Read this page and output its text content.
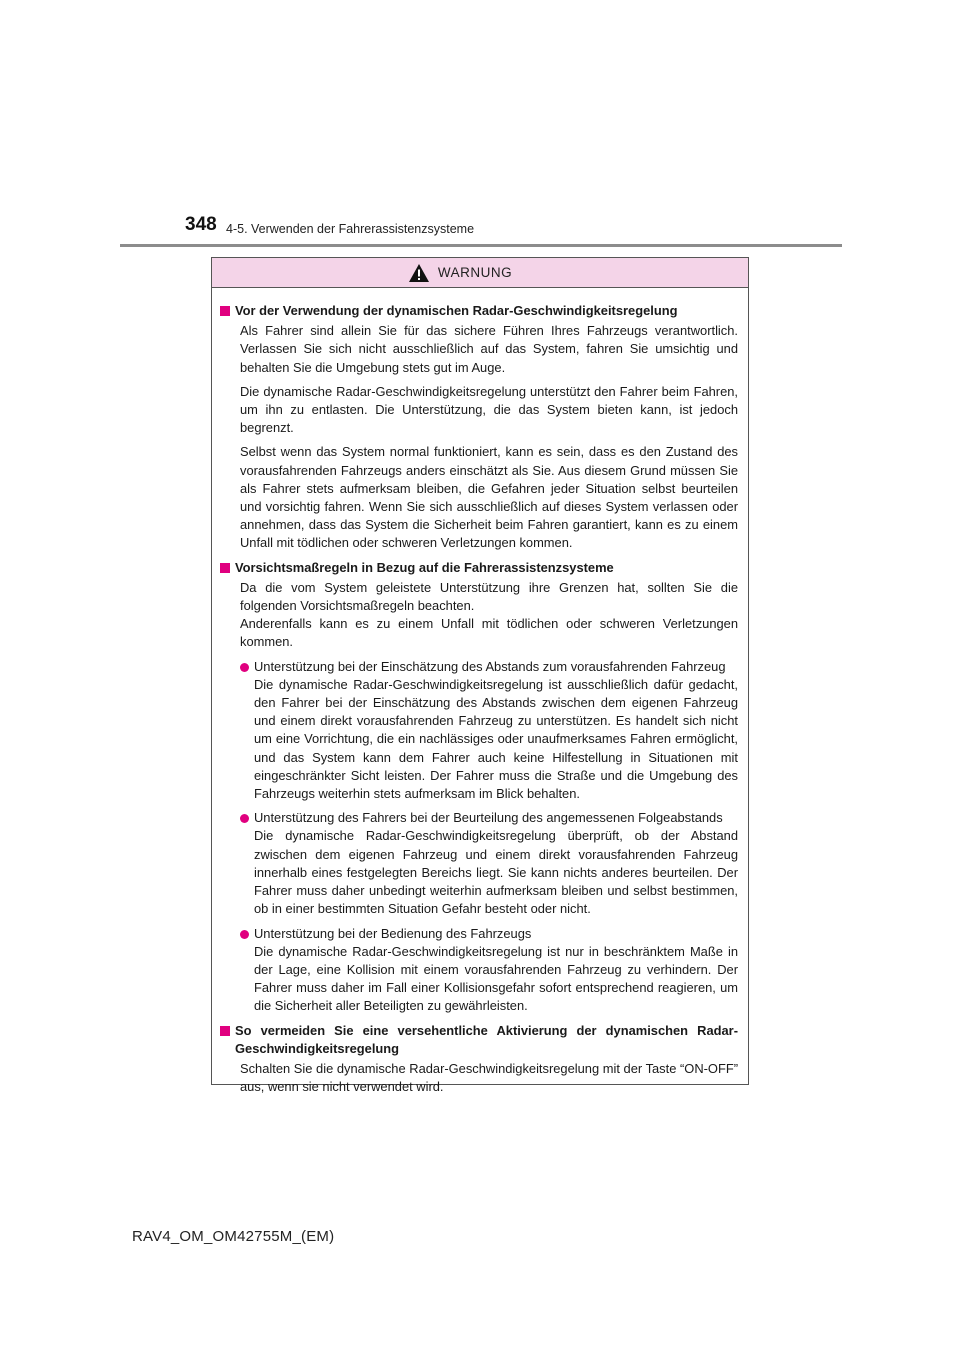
348 4-5. Verwenden der Fahrerassistenzsysteme
WARNUNG
Vor der Verwendung der dynamischen Radar-Geschwindigkeitsregelung

Als Fahrer sind allein Sie für das sichere Führen Ihres Fahrzeugs verantwortlich. Verlassen Sie sich nicht ausschließlich auf das System, fahren Sie umsichtig und behalten Sie die Umgebung stets gut im Auge.

Die dynamische Radar-Geschwindigkeitsregelung unterstützt den Fahrer beim Fahren, um ihn zu entlasten. Die Unterstützung, die das System bieten kann, ist jedoch begrenzt.

Selbst wenn das System normal funktioniert, kann es sein, dass es den Zustand des vorausfahrenden Fahrzeugs anders einschätzt als Sie. Aus diesem Grund müssen Sie als Fahrer stets aufmerksam bleiben, die Gefahren jeder Situation selbst beurteilen und vorsichtig fahren. Wenn Sie sich ausschließlich auf dieses System verlassen oder annehmen, dass das System die Sicherheit beim Fahren garantiert, kann es zu einem Unfall mit tödlichen oder schweren Verletzungen kommen.

Vorsichtsmaßregeln in Bezug auf die Fahrerassistenzsysteme

Da die vom System geleistete Unterstützung ihre Grenzen hat, sollten Sie die folgenden Vorsichtsmaßregeln beachten.

Anderenfalls kann es zu einem Unfall mit tödlichen oder schweren Verletzungen kommen.

Unterstützung bei der Einschätzung des Abstands zum vorausfahrenden Fahrzeug
Die dynamische Radar-Geschwindigkeitsregelung ist ausschließlich dafür gedacht, den Fahrer bei der Einschätzung des Abstands zwischen dem eigenen Fahrzeug und einem direkt vorausfahrenden Fahrzeug zu unterstützen. Es handelt sich nicht um eine Vorrichtung, die ein nachlässiges oder unaufmerksames Fahren ermöglicht, und das System kann dem Fahrer auch keine Hilfestellung in Situationen mit eingeschränkter Sicht leisten. Der Fahrer muss die Straße und die Umgebung des Fahrzeugs weiterhin stets aufmerksam im Blick behalten.
Unterstützung des Fahrers bei der Beurteilung des angemessenen Folgeabstands
Die dynamische Radar-Geschwindigkeitsregelung überprüft, ob der Abstand zwischen dem eigenen Fahrzeug und einem direkt vorausfahrenden Fahrzeug innerhalb eines festgelegten Bereichs liegt. Sie kann nichts anderes beurteilen. Der Fahrer muss daher unbedingt weiterhin aufmerksam bleiben und selbst bestimmen, ob in einer bestimmten Situation Gefahr besteht oder nicht.
Unterstützung bei der Bedienung des Fahrzeugs
Die dynamische Radar-Geschwindigkeitsregelung ist nur in beschränktem Maße in der Lage, eine Kollision mit einem vorausfahrenden Fahrzeug zu verhindern. Der Fahrer muss daher im Fall einer Kollisionsgefahr sofort entsprechend reagieren, um die Sicherheit aller Beteiligten zu gewährleisten.
So vermeiden Sie eine versehentliche Aktivierung der dynamischen Radar-Geschwindigkeitsregelung

Schalten Sie die dynamische Radar-Geschwindigkeitsregelung mit der Taste “ON-OFF” aus, wenn sie nicht verwendet wird.

RAV4_OM_OM42755M_(EM)
